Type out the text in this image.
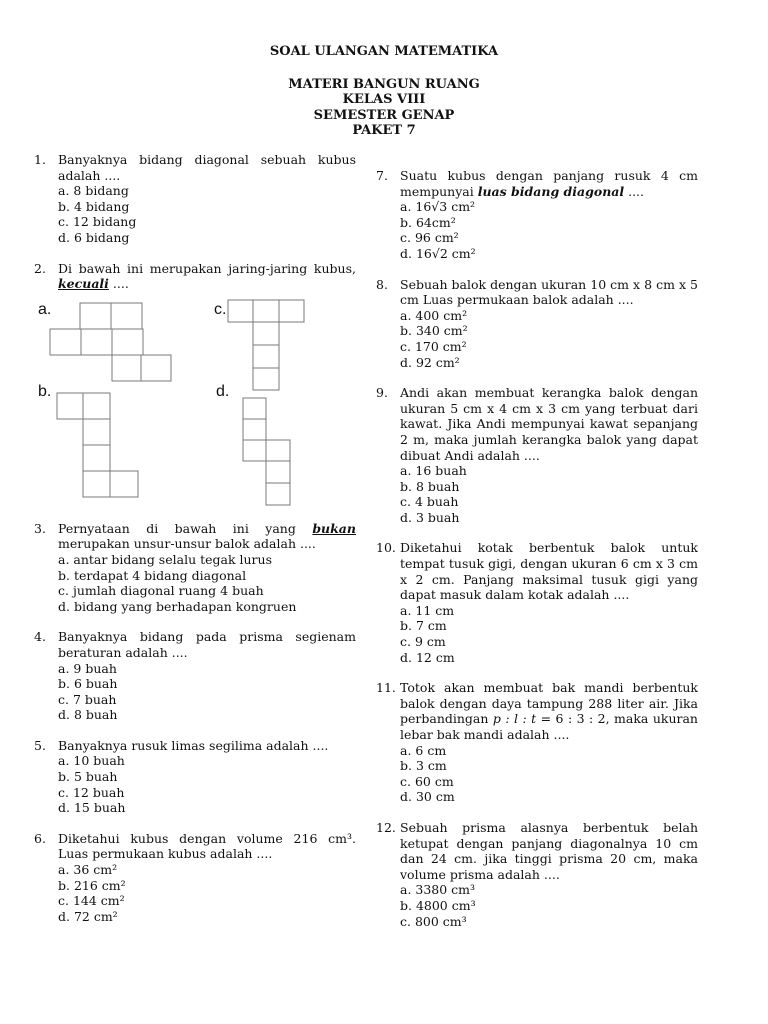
SOAL ULANGAN MATEMATIKA
MATERI BANGUN RUANG
KELAS VIII
SEMESTER GENAP
PAKET 7
1. Banyaknya bidang diagonal sebuah kubus adalah ....
a. 8 bidang
b. 4 bidang
c. 12 bidang
d. 6 bidang
2. Di bawah ini merupakan jaring-jaring kubus, kecuali ....
a.	c.
b.	d.
3. Pernyataan di bawah ini yang bukan merupakan unsur-unsur balok adalah ....
a. antar bidang selalu tegak lurus
b. terdapat 4 bidang diagonal
c. jumlah diagonal ruang 4 buah
d. bidang yang berhadapan kongruen
4. Banyaknya bidang pada prisma segienam beraturan adalah ....
a. 9 buah
b. 6 buah
c. 7 buah
d. 8 buah
5. Banyaknya rusuk limas segilima adalah ....
a. 10 buah
b. 5 buah
c. 12 buah
d. 15 buah
6. Diketahui kubus dengan volume 216 cm³. Luas permukaan kubus adalah ....
a. 36 cm²
b. 216 cm²
c. 144 cm²
d. 72 cm²
7. Suatu kubus dengan panjang rusuk 4 cm mempunyai luas bidang diagonal ....
a. 16√3 cm²
b. 64cm²
c. 96 cm²
d. 16√2 cm²
8. Sebuah balok dengan ukuran 10 cm x 8 cm x 5 cm Luas permukaan balok adalah ....
a. 400 cm²
b. 340 cm²
c. 170 cm²
d. 92 cm²
9. Andi akan membuat kerangka balok dengan ukuran 5 cm x 4 cm x 3 cm yang terbuat dari kawat. Jika Andi mempunyai kawat sepanjang 2 m, maka jumlah kerangka balok yang dapat dibuat Andi adalah ....
a. 16 buah
b. 8 buah
c. 4 buah
d. 3 buah
10. Diketahui kotak berbentuk balok untuk tempat tusuk gigi, dengan ukuran 6 cm x 3 cm x 2 cm. Panjang maksimal tusuk gigi yang dapat masuk dalam kotak adalah ....
a. 11 cm
b. 7 cm
c. 9 cm
d. 12 cm
11. Totok akan membuat bak mandi berbentuk balok dengan daya tampung 288 liter air. Jika perbandingan p : l : t = 6 : 3 : 2, maka ukuran lebar bak mandi adalah ....
a. 6 cm
b. 3 cm
c. 60 cm
d. 30 cm
12. Sebuah prisma alasnya berbentuk belah ketupat dengan panjang diagonalnya 10 cm dan 24 cm. jika tinggi prisma 20 cm, maka volume prisma adalah ....
a. 3380 cm³
b. 4800 cm³
c. 800 cm³
